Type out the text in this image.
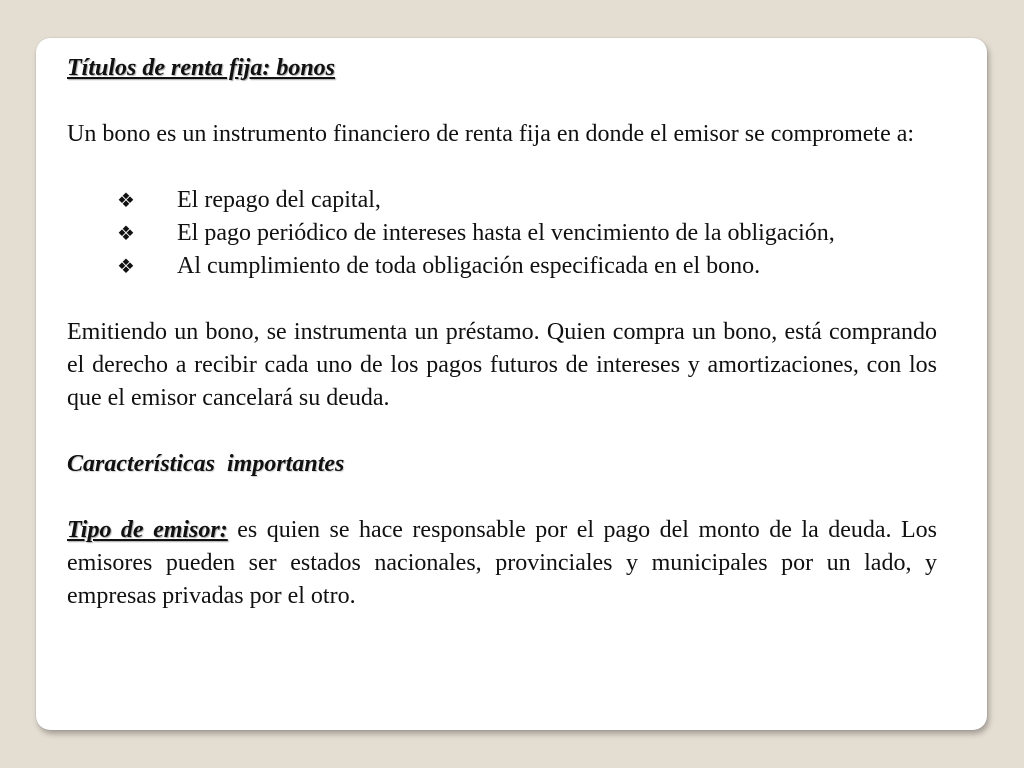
Títulos de renta fija: bonos

Un bono es un instrumento financiero de renta fija en donde el emisor se compromete a:

❖	El repago del capital,
❖	El pago periódico de intereses hasta el vencimiento de la obligación,
❖	Al cumplimiento de toda obligación especificada en el bono.

Emitiendo un bono, se instrumenta un préstamo. Quien compra un bono, está comprando el derecho a recibir cada uno de los pagos futuros de intereses y amortizaciones, con los que el emisor cancelará su deuda.

Características  importantes

Tipo de emisor: es quien se hace responsable por el pago del monto de la deuda. Los emisores pueden ser estados nacionales, provinciales y municipales por un lado, y empresas privadas por el otro.
